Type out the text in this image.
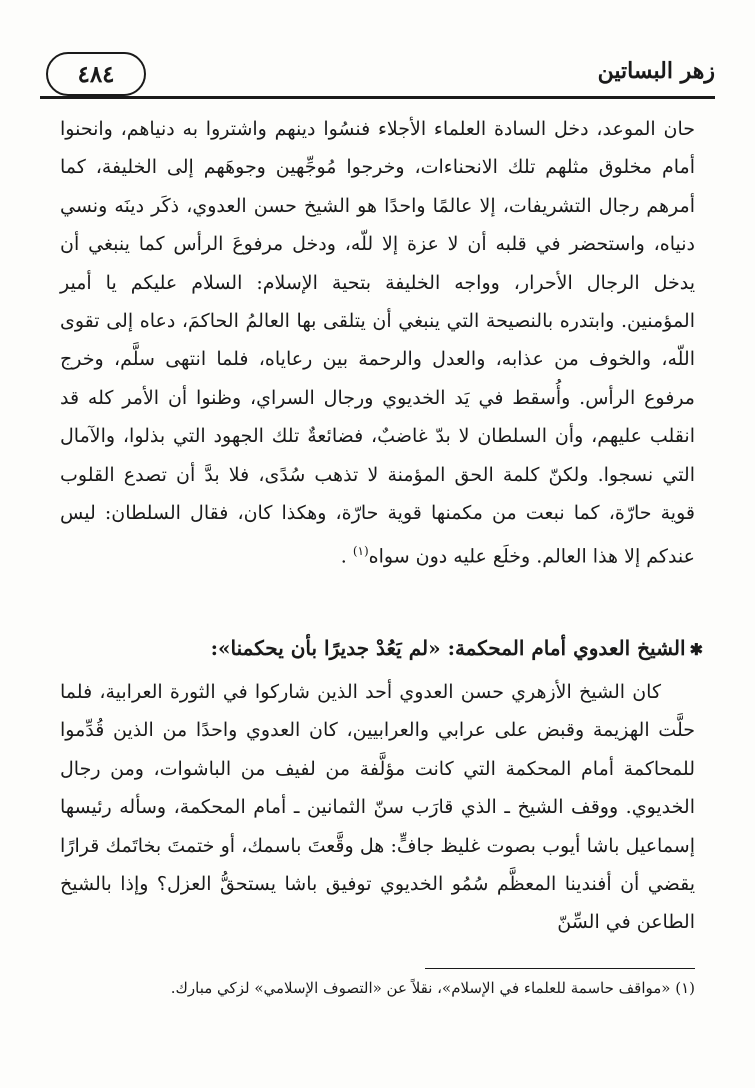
زهر البساتين
٤٨٤

حان الموعد، دخل السادة العلماء الأجلاء فنسُوا دينهم واشتروا به دنياهم، وانحنوا أمام مخلوق مثلهم تلك الانحناءات، وخرجوا مُوجِّهين وجوهَهم إلى الخليفة، كما أمرهم رجال التشريفات، إلا عالمًا واحدًا هو الشيخ حسن العدوي، ذكَر دينَه ونسي دنياه، واستحضر في قلبه أن لا عزة إلا للّه، ودخل مرفوعَ الرأس كما ينبغي أن يدخل الرجال الأحرار، وواجه الخليفة بتحية الإسلام: السلام عليكم يا أمير المؤمنين. وابتدره بالنصيحة التي ينبغي أن يتلقى بها العالمُ الحاكمَ، دعاه إلى تقوى اللّه، والخوف من عذابه، والعدل والرحمة بين رعاياه، فلما انتهى سلَّم، وخرج مرفوع الرأس. وأُسقط في يَد الخديوي ورجال السراي، وظنوا أن الأمر كله قد انقلب عليهم، وأن السلطان لا بدّ غاضبٌ، فضائعةٌ تلك الجهود التي بذلوا، والآمال التي نسجوا. ولكنّ كلمة الحق المؤمنة لا تذهب سُدًى، فلا بدَّ أن تصدع القلوب قوية حارّة، كما نبعت من مكمنها قوية حارّة، وهكذا كان، فقال السلطان: ليس عندكم إلا هذا العالم. وخلَع عليه دون سواه$^{(١)}$ .

✱الشيخ العدوي أمام المحكمة: «لم يَعُدْ جديرًا بأن يحكمنا»:

كان الشيخ الأزهري حسن العدوي أحد الذين شاركوا في الثورة العرابية، فلما حلَّت الهزيمة وقبض على عرابي والعرابيين، كان العدوي واحدًا من الذين قُدِّموا للمحاكمة أمام المحكمة التي كانت مؤلَّفة من لفيف من الباشوات، ومن رجال الخديوي. ووقف الشيخ ـ الذي قارَب سنّ الثمانين ـ أمام المحكمة، وسأله رئيسها إسماعيل باشا أيوب بصوت غليظ جافٍّ: هل وقَّعتَ باسمك، أو ختمتَ بخاتَمك قرارًا يقضي أن أفندينا المعظَّم سُمُو الخديوي توفيق باشا يستحقُّ العزل؟ وإذا بالشيخ الطاعن في السِّنّ

(١) «مواقف حاسمة للعلماء في الإسلام»، نقلاً عن «التصوف الإسلامي» لزكي مبارك.
